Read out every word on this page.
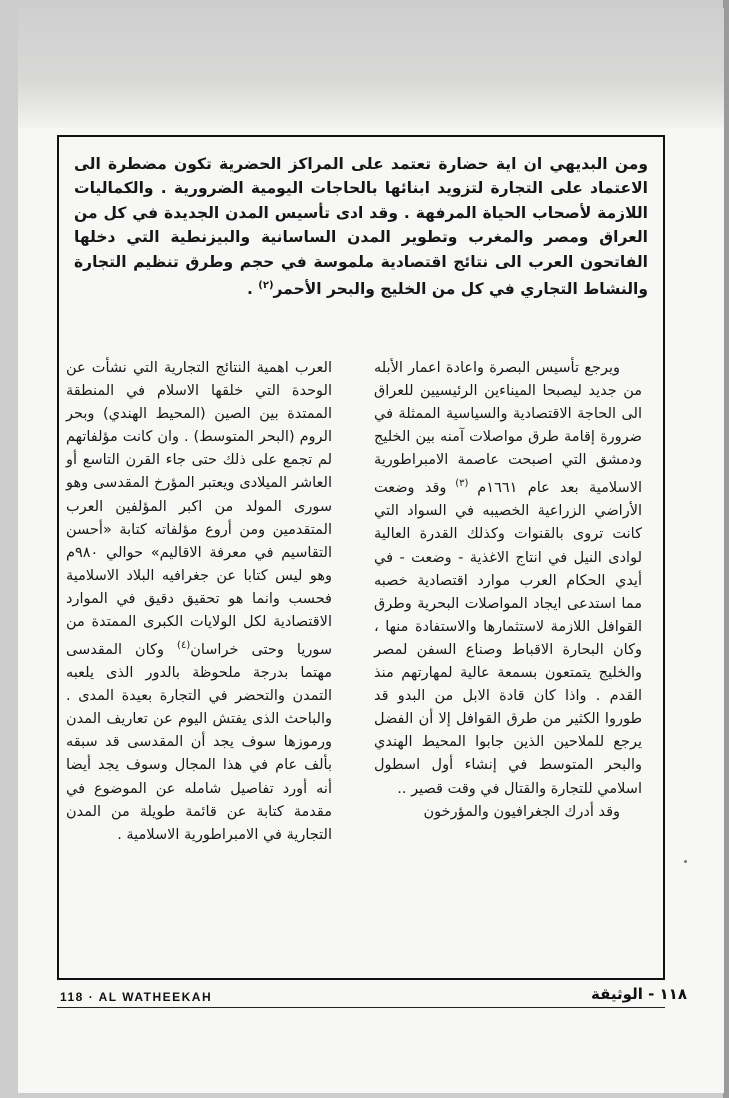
ومن البديهي ان اية حضارة تعتمد على المراكز الحضرية تكون مضطرة الى الاعتماد على التجارة لتزويد ابنائها بالحاجات اليومية الضرورية . والكماليات اللازمة لأصحاب الحياة المرفهة . وقد ادى تأسيس المدن الجديدة في كل من العراق ومصر والمغرب وتطوير المدن الساسانية والبيزنطية التي دخلها الفاتحون العرب الى نتائج اقتصادية ملموسة في حجم وطرق تنظيم التجارة والنشاط التجاري في كل من الخليج والبحر الأحمر$^{(٢)}$ .

ويرجع تأسيس البصرة واعادة اعمار الأبله من جديد ليصبحا الميناءين الرئيسيين للعراق الى الحاجة الاقتصادية والسياسية الممثلة في ضرورة إقامة طرق مواصلات آمنه بين الخليج ودمشق التي اصبحت عاصمة الامبراطورية الاسلامية بعد عام ١٦٦١م $^{(٣)}$ وقد وضعت الأراضي الزراعية الخصيبه في السواد التي كانت تروى بالقنوات وكذلك القدرة العالية لوادى النيل في انتاج الاغذية - وضعت - في أيدي الحكام العرب موارد اقتصادية خصبه مما استدعى ايجاد المواصلات البحرية وطرق القوافل اللازمة لاستثمارها والاستفادة منها ، وكان البحارة الاقباط وصناع السفن لمصر والخليج يتمتعون بسمعة عالية لمهارتهم منذ القدم . واذا كان قادة الابل من البدو قد طوروا الكثير من طرق القوافل إلا أن الفضل يرجع للملاحين الذين جابوا المحيط الهندي والبحر المتوسط في إنشاء أول اسطول اسلامي للتجارة والقتال في وقت قصير ..

وقد أدرك الجغرافيون والمؤرخون

العرب اهمية النتائج التجارية التي نشأت عن الوحدة التي خلقها الاسلام في المنطقة الممتدة بين الصين (المحيط الهندي) وبحر الروم (البحر المتوسط) . وان كانت مؤلفاتهم لم تجمع على ذلك حتى جاء القرن التاسع أو العاشر الميلادى ويعتبر المؤرخ المقدسى وهو سورى المولد من اكبر المؤلفين العرب المتقدمين ومن أروع مؤلفاته كتابة «أحسن التقاسيم في معرفة الاقاليم» حوالي ٩٨٠م وهو ليس كتابا عن جغرافيه البلاد الاسلامية فحسب وانما هو تحقيق دقيق في الموارد الاقتصادية لكل الولايات الكبرى الممتدة من سوريا وحتى خراسان$^{(٤)}$ وكان المقدسى مهتما بدرجة ملحوظة بالدور الذى يلعبه التمدن والتحضر في التجارة بعيدة المدى . والباحث الذى يفتش اليوم عن تعاريف المدن ورموزها سوف يجد أن المقدسى قد سبقه بألف عام في هذا المجال وسوف يجد أيضا أنه أورد تفاصيل شامله عن الموضوع في مقدمة كتابة عن قائمة طويلة من المدن التجارية في الامبراطورية الاسلامية .

118 · AL WATHEEKAH	١١٨ - الوثيقة
